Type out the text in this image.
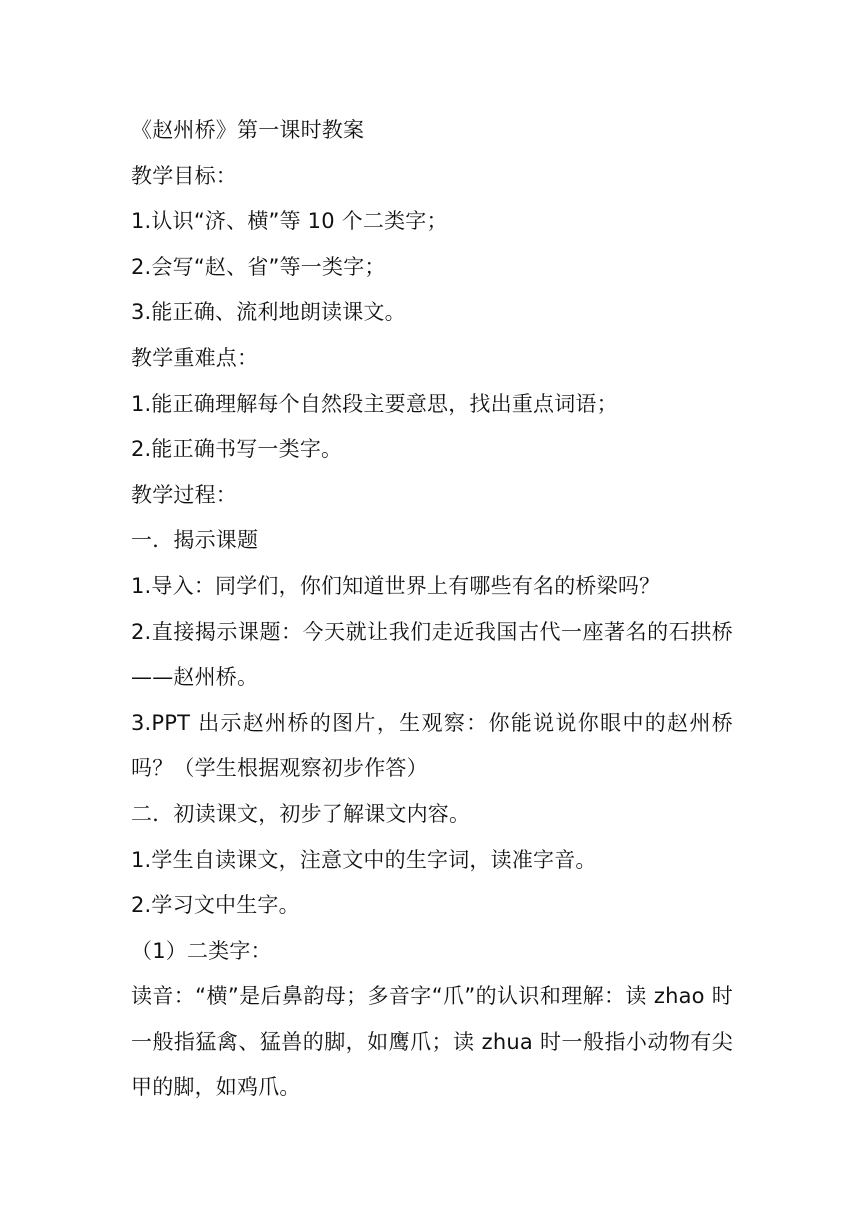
《赵州桥》第一课时教案

教学目标：

1.认识“济、横”等 10 个二类字；

2.会写“赵、省”等一类字；

3.能正确、流利地朗读课文。

教学重难点：

1.能正确理解每个自然段主要意思，找出重点词语；

2.能正确书写一类字。

教学过程：

一．揭示课题

1.导入：同学们，你们知道世界上有哪些有名的桥梁吗？

2.直接揭示课题：今天就让我们走近我国古代一座著名的石拱桥——赵州桥。

3.PPT 出示赵州桥的图片，生观察：你能说说你眼中的赵州桥吗？（学生根据观察初步作答）

二．初读课文，初步了解课文内容。

1.学生自读课文，注意文中的生字词，读准字音。

2.学习文中生字。

（1）二类字：

读音：“横”是后鼻韵母；多音字“爪”的认识和理解：读 zhao 时一般指猛禽、猛兽的脚，如鹰爪；读 zhua 时一般指小动物有尖甲的脚，如鸡爪。
